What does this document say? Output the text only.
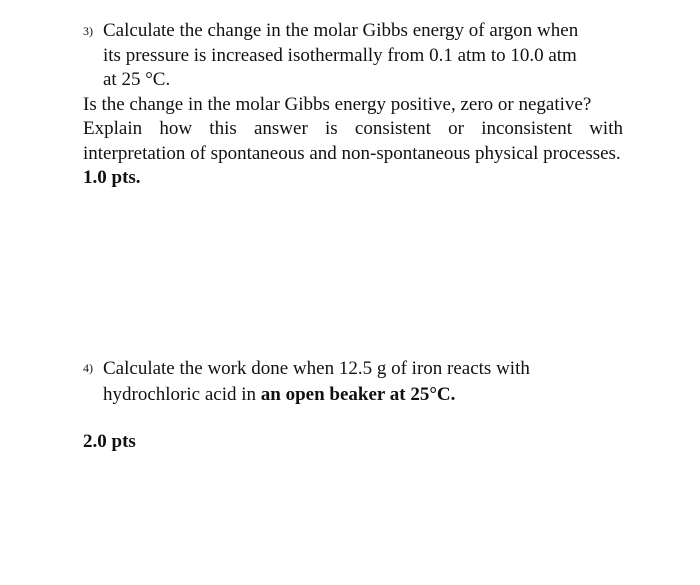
3) Calculate the change in the molar Gibbs energy of argon when
its pressure is increased isothermally from 0.1 atm to 10.0 atm
at 25 °C.
Is the change in the molar Gibbs energy positive, zero or negative?
Explain how this answer is consistent or inconsistent with interpretation of spontaneous and non-spontaneous physical processes.
1.0 pts.
4) Calculate the work done when 12.5 g of iron reacts with
hydrochloric acid in an open beaker at 25°C.
2.0 pts
